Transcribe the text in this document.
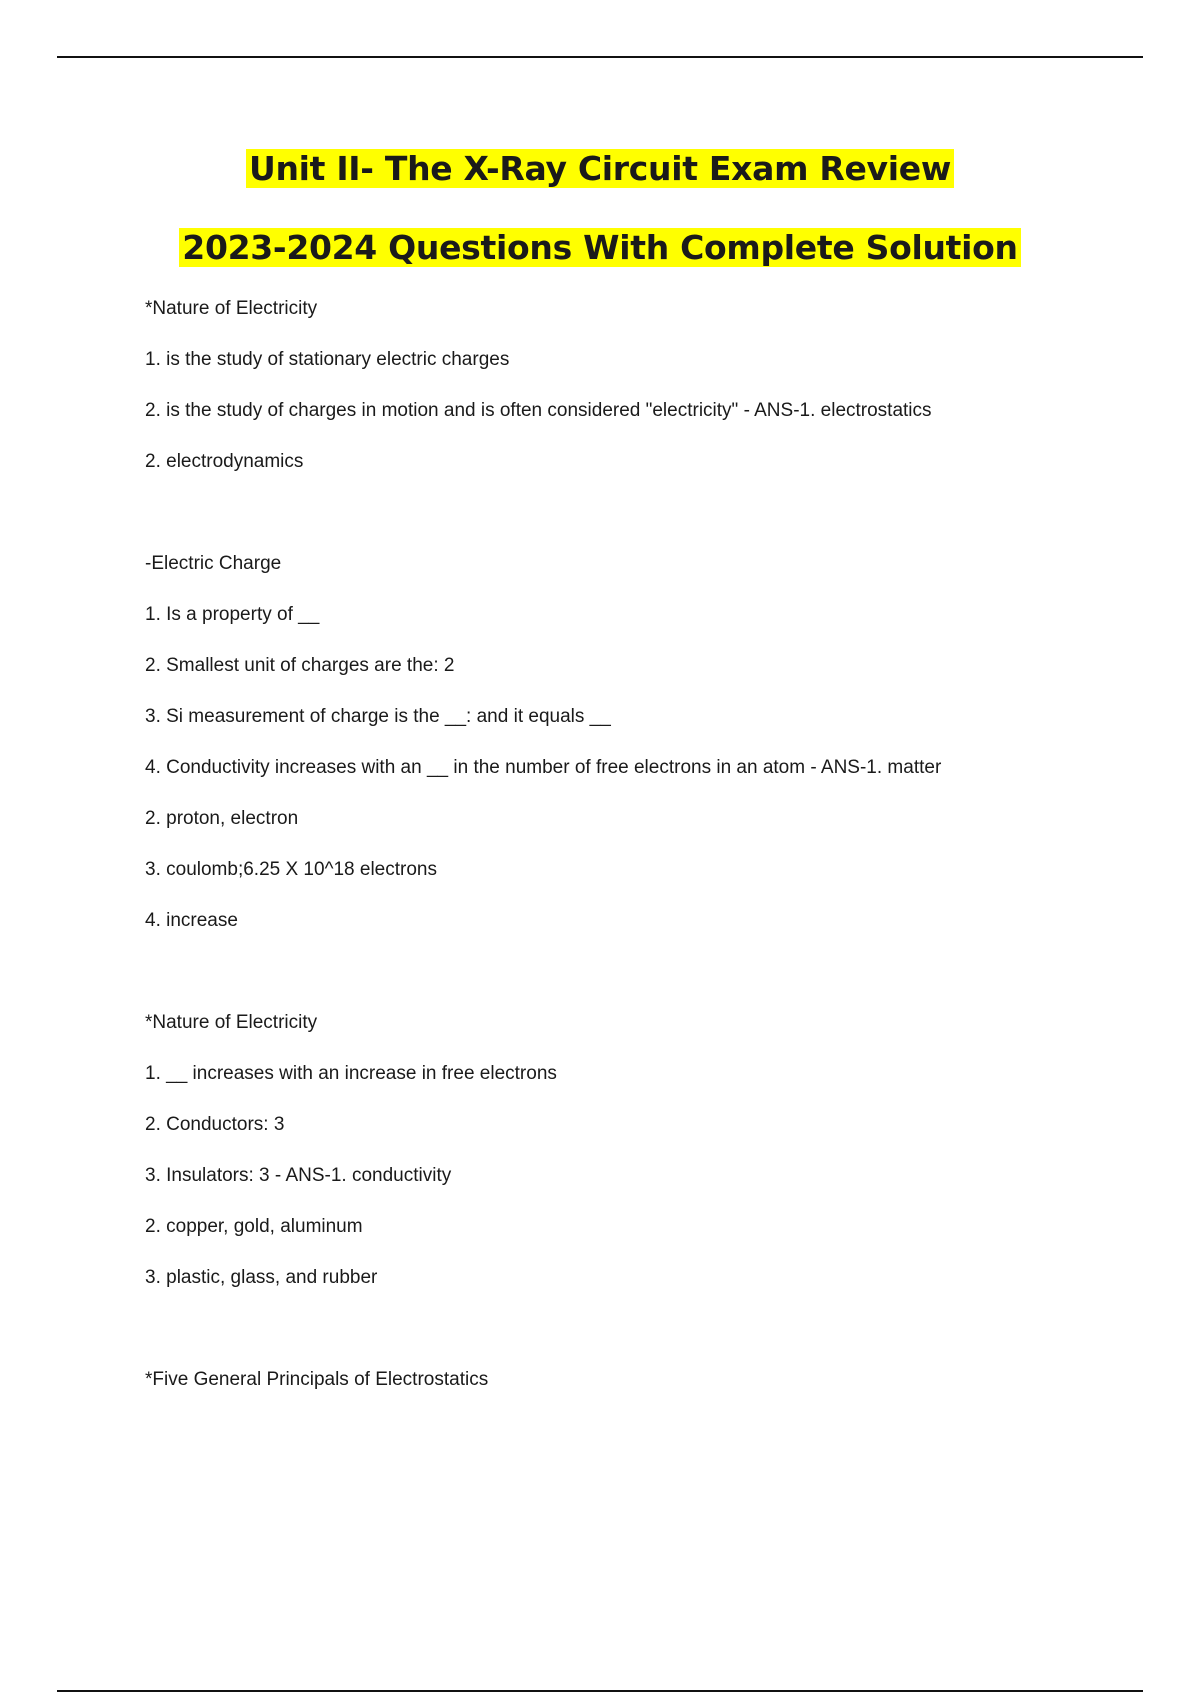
Unit II- The X-Ray Circuit Exam Review
2023-2024 Questions With Complete Solution
*Nature of Electricity
1. is the study of stationary electric charges
2. is the study of charges in motion and is often considered "electricity" - ANS-1. electrostatics
2. electrodynamics
-Electric Charge
1. Is a property of __
2. Smallest unit of charges are the: 2
3. Si measurement of charge is the __: and it equals __
4. Conductivity increases with an __ in the number of free electrons in an atom - ANS-1. matter
2. proton, electron
3. coulomb;6.25 X 10^18 electrons
4. increase
*Nature of Electricity
1. __ increases with an increase in free electrons
2. Conductors: 3
3. Insulators: 3 - ANS-1. conductivity
2. copper, gold, aluminum
3. plastic, glass, and rubber
*Five General Principals of Electrostatics
